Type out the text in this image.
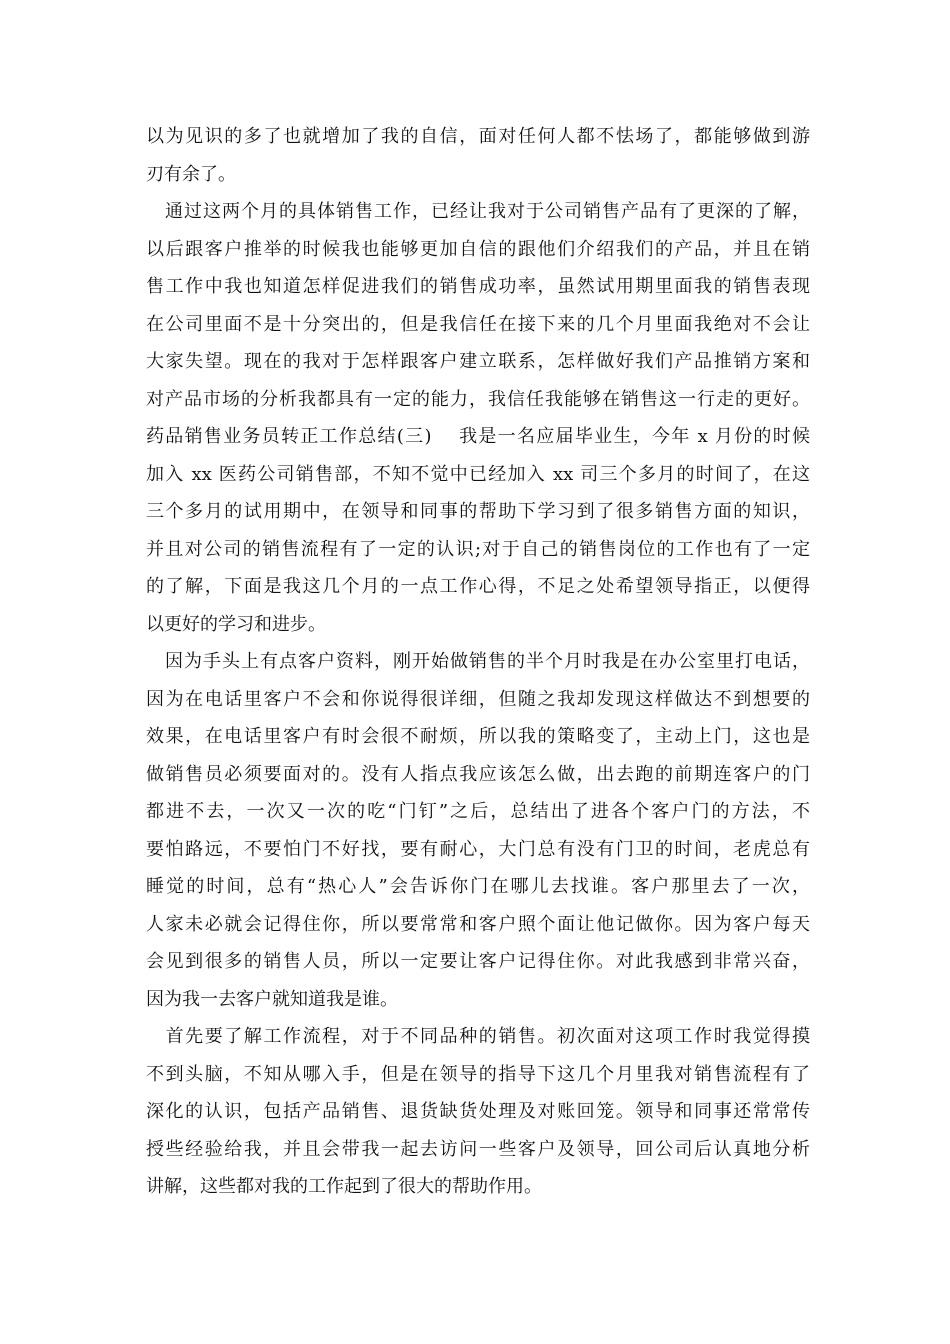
以为见识的多了也就增加了我的自信，面对任何人都不怯场了，都能够做到游
刃有余了。
　通过这两个月的具体销售工作，已经让我对于公司销售产品有了更深的了解，
以后跟客户推举的时候我也能够更加自信的跟他们介绍我们的产品，并且在销
售工作中我也知道怎样促进我们的销售成功率，虽然试用期里面我的销售表现
在公司里面不是十分突出的，但是我信任在接下来的几个月里面我绝对不会让
大家失望。现在的我对于怎样跟客户建立联系，怎样做好我们产品推销方案和
对产品市场的分析我都具有一定的能力，我信任我能够在销售这一行走的更好。
药品销售业务员转正工作总结(三)　 我是一名应届毕业生，今年 x 月份的时候
加入 xx 医药公司销售部，不知不觉中已经加入 xx 司三个多月的时间了，在这
三个多月的试用期中，在领导和同事的帮助下学习到了很多销售方面的知识，
并且对公司的销售流程有了一定的认识;对于自己的销售岗位的工作也有了一定
的了解，下面是我这几个月的一点工作心得，不足之处希望领导指正，以便得
以更好的学习和进步。
　因为手头上有点客户资料，刚开始做销售的半个月时我是在办公室里打电话，
因为在电话里客户不会和你说得很详细，但随之我却发现这样做达不到想要的
效果，在电话里客户有时会很不耐烦，所以我的策略变了，主动上门，这也是
做销售员必须要面对的。没有人指点我应该怎么做，出去跑的前期连客户的门
都进不去，一次又一次的吃“门钉”之后，总结出了进各个客户门的方法，不
要怕路远，不要怕门不好找，要有耐心，大门总有没有门卫的时间，老虎总有
睡觉的时间，总有“热心人”会告诉你门在哪儿去找谁。客户那里去了一次，
人家未必就会记得住你，所以要常常和客户照个面让他记做你。因为客户每天
会见到很多的销售人员，所以一定要让客户记得住你。对此我感到非常兴奋，
因为我一去客户就知道我是谁。
　首先要了解工作流程，对于不同品种的销售。初次面对这项工作时我觉得摸
不到头脑，不知从哪入手，但是在领导的指导下这几个月里我对销售流程有了
深化的认识，包括产品销售、退货缺货处理及对账回笼。领导和同事还常常传
授些经验给我，并且会带我一起去访问一些客户及领导，回公司后认真地分析
讲解，这些都对我的工作起到了很大的帮助作用。
